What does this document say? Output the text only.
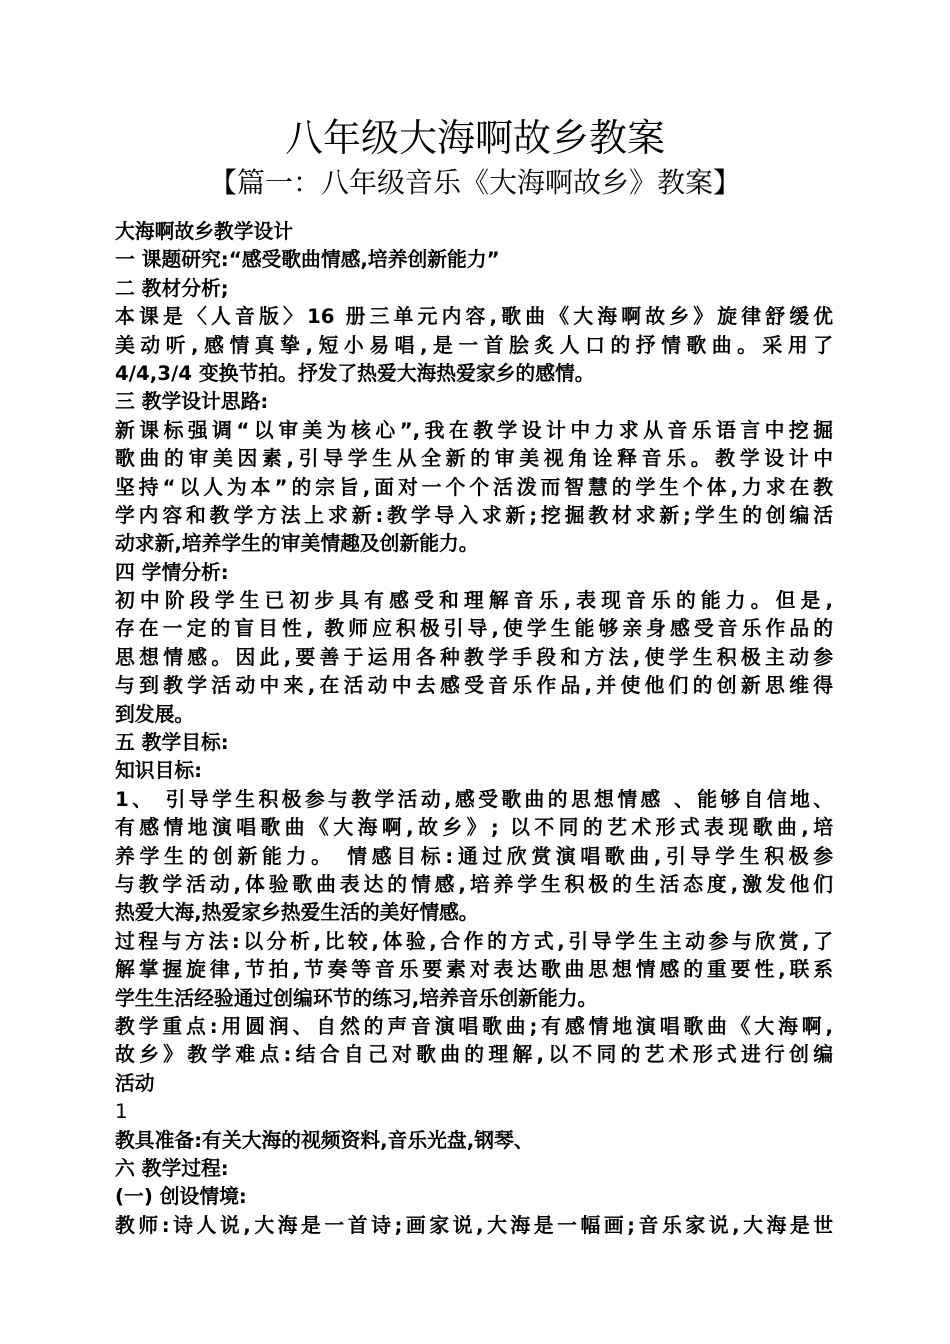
八年级大海啊故乡教案
【篇一：八年级音乐《大海啊故乡》教案】
大海啊故乡教学设计
一 课题研究:“感受歌曲情感,培养创新能力”
二 教材分析;
本课是〈人音版〉16 册三单元内容,歌曲《大海啊故乡》旋律舒缓优
美动听,感情真挚,短小易唱,是一首脍炙人口的抒情歌曲。采用了
4/4,3/4 变换节拍。抒发了热爱大海热爱家乡的感情。
三 教学设计思路:
新课标强调“以审美为核心”,我在教学设计中力求从音乐语言中挖掘
歌曲的审美因素,引导学生从全新的审美视角诠释音乐。教学设计中
坚持“以人为本”的宗旨,面对一个个活泼而智慧的学生个体,力求在教
学内容和教学方法上求新:教学导入求新;挖掘教材求新;学生的创编活
动求新,培养学生的审美情趣及创新能力。
四 学情分析:
初中阶段学生已初步具有感受和理解音乐,表现音乐的能力。但是,
存在一定的盲目性, 教师应积极引导,使学生能够亲身感受音乐作品的
思想情感。因此,要善于运用各种教学手段和方法,使学生积极主动参
与到教学活动中来,在活动中去感受音乐作品,并使他们的创新思维得
到发展。
五 教学目标:
知识目标:
1、 引导学生积极参与教学活动,感受歌曲的思想情感 、能够自信地、
有感情地演唱歌曲《大海啊,故乡》; 以不同的艺术形式表现歌曲,培
养学生的创新能力。 情感目标:通过欣赏演唱歌曲,引导学生积极参
与教学活动,体验歌曲表达的情感,培养学生积极的生活态度,激发他们
热爱大海,热爱家乡热爱生活的美好情感。
过程与方法:以分析,比较,体验,合作的方式,引导学生主动参与欣赏,了
解掌握旋律,节拍,节奏等音乐要素对表达歌曲思想情感的重要性,联系
学生生活经验通过创编环节的练习,培养音乐创新能力。
教学重点:用圆润、自然的声音演唱歌曲;有感情地演唱歌曲《大海啊,
故乡》教学难点:结合自己对歌曲的理解,以不同的艺术形式进行创编
活动
1
教具准备:有关大海的视频资料,音乐光盘,钢琴、
六 教学过程:
(一) 创设情境:
教师:诗人说,大海是一首诗;画家说,大海是一幅画;音乐家说,大海是世
